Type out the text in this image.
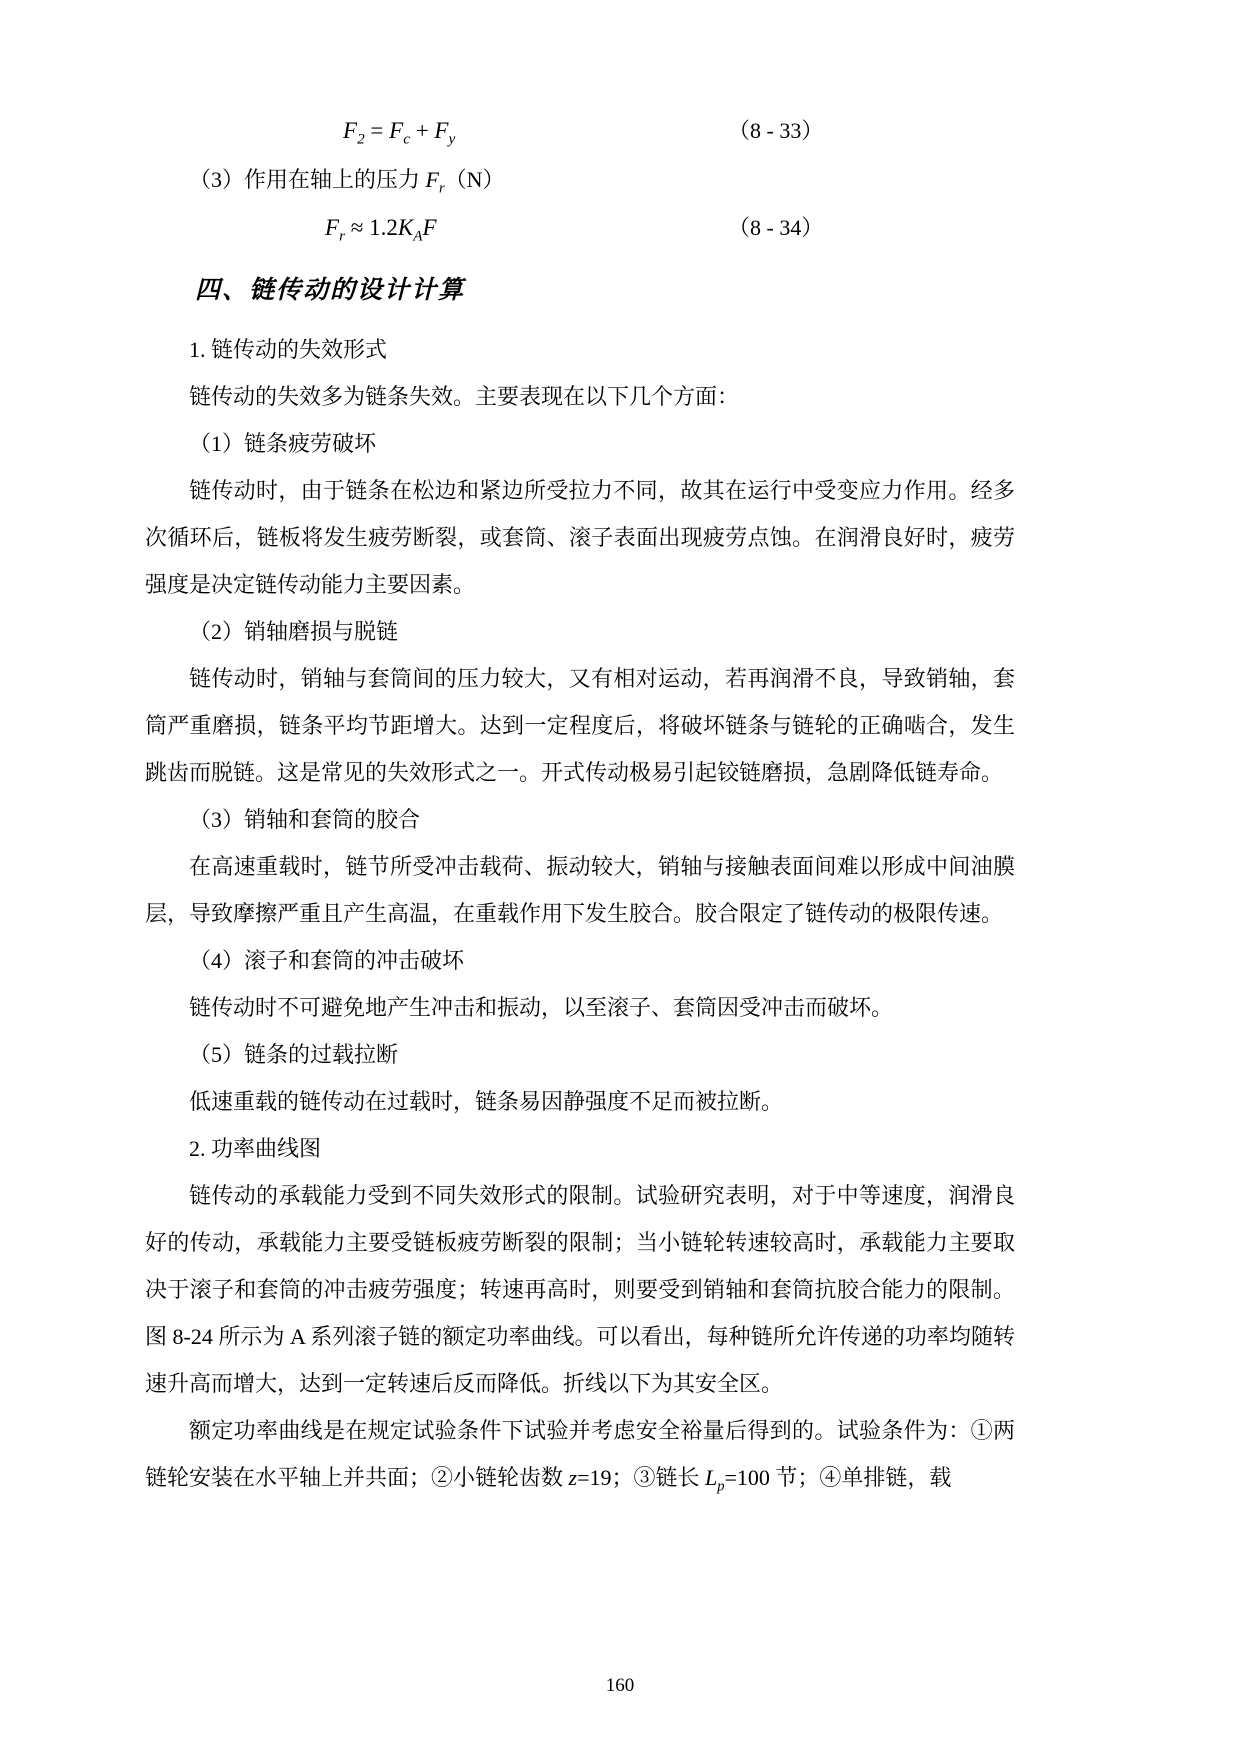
$F_2 = F_c + F_y$	（8 - 33）

（3）作用在轴上的压力 $F_r(N)$

$F_r \approx 1.2K_AF$	（8 - 34）
四、链传动的设计计算

1. 链传动的失效形式

链传动的失效多为链条失效。主要表现在以下几个方面：

（1）链条疲劳破坏

链传动时，由于链条在松边和紧边所受拉力不同，故其在运行中受变应力作用。经多次循环后，链板将发生疲劳断裂，或套筒、滚子表面出现疲劳点蚀。在润滑良好时，疲劳强度是决定链传动能力主要因素。

（2）销轴磨损与脱链

链传动时，销轴与套筒间的压力较大，又有相对运动，若再润滑不良，导致销轴，套筒严重磨损，链条平均节距增大。达到一定程度后，将破坏链条与链轮的正确啮合，发生跳齿而脱链。这是常见的失效形式之一。开式传动极易引起铰链磨损，急剧降低链寿命。

（3）销轴和套筒的胶合

在高速重载时，链节所受冲击载荷、振动较大，销轴与接触表面间难以形成中间油膜层，导致摩擦严重且产生高温，在重载作用下发生胶合。胶合限定了链传动的极限传速。

（4）滚子和套筒的冲击破坏

链传动时不可避免地产生冲击和振动，以至滚子、套筒因受冲击而破坏。

（5）链条的过载拉断

低速重载的链传动在过载时，链条易因静强度不足而被拉断。

2. 功率曲线图

链传动的承载能力受到不同失效形式的限制。试验研究表明，对于中等速度，润滑良好的传动，承载能力主要受链板疲劳断裂的限制；当小链轮转速较高时，承载能力主要取决于滚子和套筒的冲击疲劳强度；转速再高时，则要受到销轴和套筒抗胶合能力的限制。图 8-24 所示为 A 系列滚子链的额定功率曲线。可以看出，每种链所允许传递的功率均随转速升高而增大，达到一定转速后反而降低。折线以下为其安全区。

额定功率曲线是在规定试验条件下试验并考虑安全裕量后得到的。试验条件为：①两链轮安装在水平轴上并共面；②小链轮齿数 z=19；③链长 $L_p=100$ 节；④单排链，载

160
